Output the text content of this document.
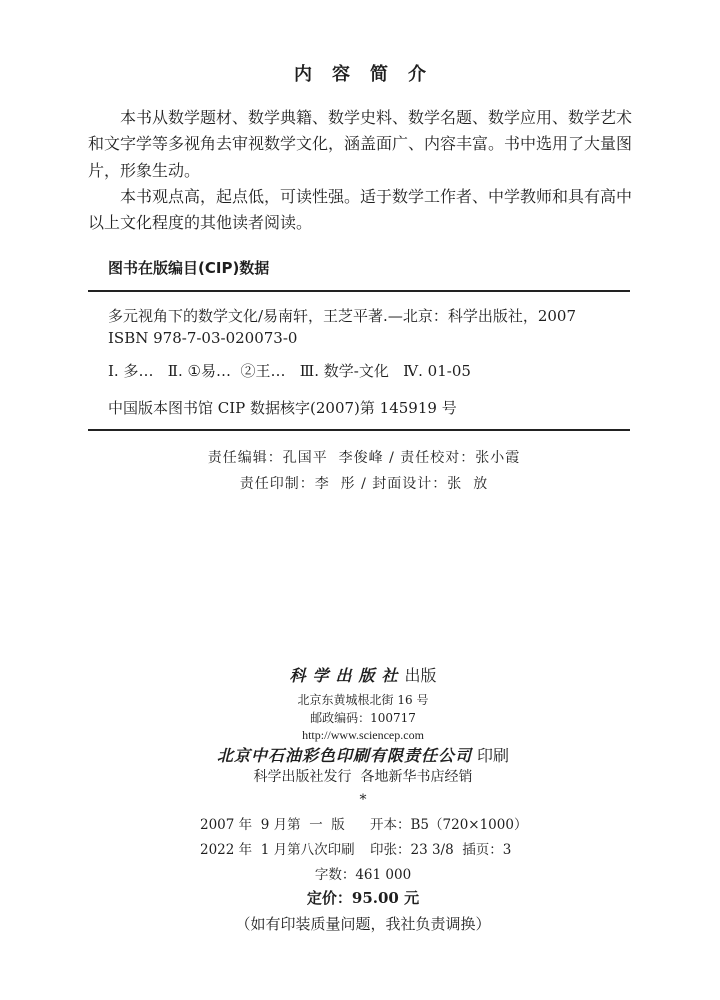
内容简介

本书从数学题材、数学典籍、数学史料、数学名题、数学应用、数学艺术和文字学等多视角去审视数学文化，涵盖面广、内容丰富。书中选用了大量图片，形象生动。

本书观点高，起点低，可读性强。适于数学工作者、中学教师和具有高中以上文化程度的其他读者阅读。

图书在版编目(CIP)数据
多元视角下的数学文化/易南轩，王芝平著.—北京：科学出版社，2007
ISBN 978-7-03-020073-0
Ⅰ. 多…   Ⅱ. ①易…  ②王…   Ⅲ. 数学-文化   Ⅳ. 01-05
中国版本图书馆 CIP 数据核字(2007)第 145919 号
责任编辑：孔国平  李俊峰 / 责任校对：张小霞
责任印制：李  彤 / 封面设计：张  放
科学出版社出版
北京东黄城根北街 16 号
邮政编码：100717
http://www.sciencep.com
北京中石油彩色印刷有限责任公司 印刷
科学出版社发行  各地新华书店经销
*
2007 年  9 月第  一  版 开本：B5（720×1000）
2022 年  1 月第八次印刷 印张：23 3/8  插页：3
字数：461 000
定价：95.00 元
（如有印装质量问题，我社负责调换）
